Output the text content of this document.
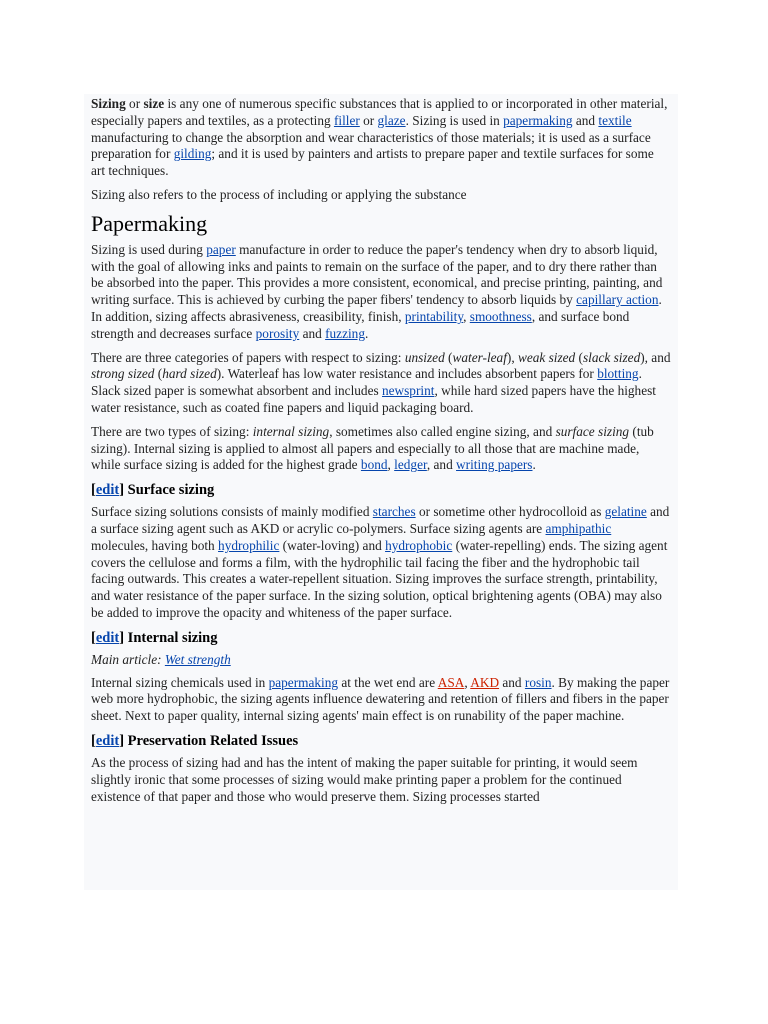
Sizing or size is any one of numerous specific substances that is applied to or incorporated in other material, especially papers and textiles, as a protecting filler or glaze. Sizing is used in papermaking and textile manufacturing to change the absorption and wear characteristics of those materials; it is used as a surface preparation for gilding; and it is used by painters and artists to prepare paper and textile surfaces for some art techniques.

Sizing also refers to the process of including or applying the substance

Papermaking

Sizing is used during paper manufacture in order to reduce the paper's tendency when dry to absorb liquid, with the goal of allowing inks and paints to remain on the surface of the paper, and to dry there rather than be absorbed into the paper. This provides a more consistent, economical, and precise printing, painting, and writing surface. This is achieved by curbing the paper fibers' tendency to absorb liquids by capillary action. In addition, sizing affects abrasiveness, creasibility, finish, printability, smoothness, and surface bond strength and decreases surface porosity and fuzzing.

There are three categories of papers with respect to sizing: unsized (water-leaf), weak sized (slack sized), and strong sized (hard sized). Waterleaf has low water resistance and includes absorbent papers for blotting. Slack sized paper is somewhat absorbent and includes newsprint, while hard sized papers have the highest water resistance, such as coated fine papers and liquid packaging board.

There are two types of sizing: internal sizing, sometimes also called engine sizing, and surface sizing (tub sizing). Internal sizing is applied to almost all papers and especially to all those that are machine made, while surface sizing is added for the highest grade bond, ledger, and writing papers.

[edit] Surface sizing

Surface sizing solutions consists of mainly modified starches or sometime other hydrocolloid as gelatine and a surface sizing agent such as AKD or acrylic co-polymers. Surface sizing agents are amphipathic molecules, having both hydrophilic (water-loving) and hydrophobic (water-repelling) ends. The sizing agent covers the cellulose and forms a film, with the hydrophilic tail facing the fiber and the hydrophobic tail facing outwards. This creates a water-repellent situation. Sizing improves the surface strength, printability, and water resistance of the paper surface. In the sizing solution, optical brightening agents (OBA) may also be added to improve the opacity and whiteness of the paper surface.

[edit] Internal sizing

Main article: Wet strength

Internal sizing chemicals used in papermaking at the wet end are ASA, AKD and rosin. By making the paper web more hydrophobic, the sizing agents influence dewatering and retention of fillers and fibers in the paper sheet. Next to paper quality, internal sizing agents' main effect is on runability of the paper machine.

[edit] Preservation Related Issues

As the process of sizing had and has the intent of making the paper suitable for printing, it would seem slightly ironic that some processes of sizing would make printing paper a problem for the continued existence of that paper and those who would preserve them. Sizing processes started
